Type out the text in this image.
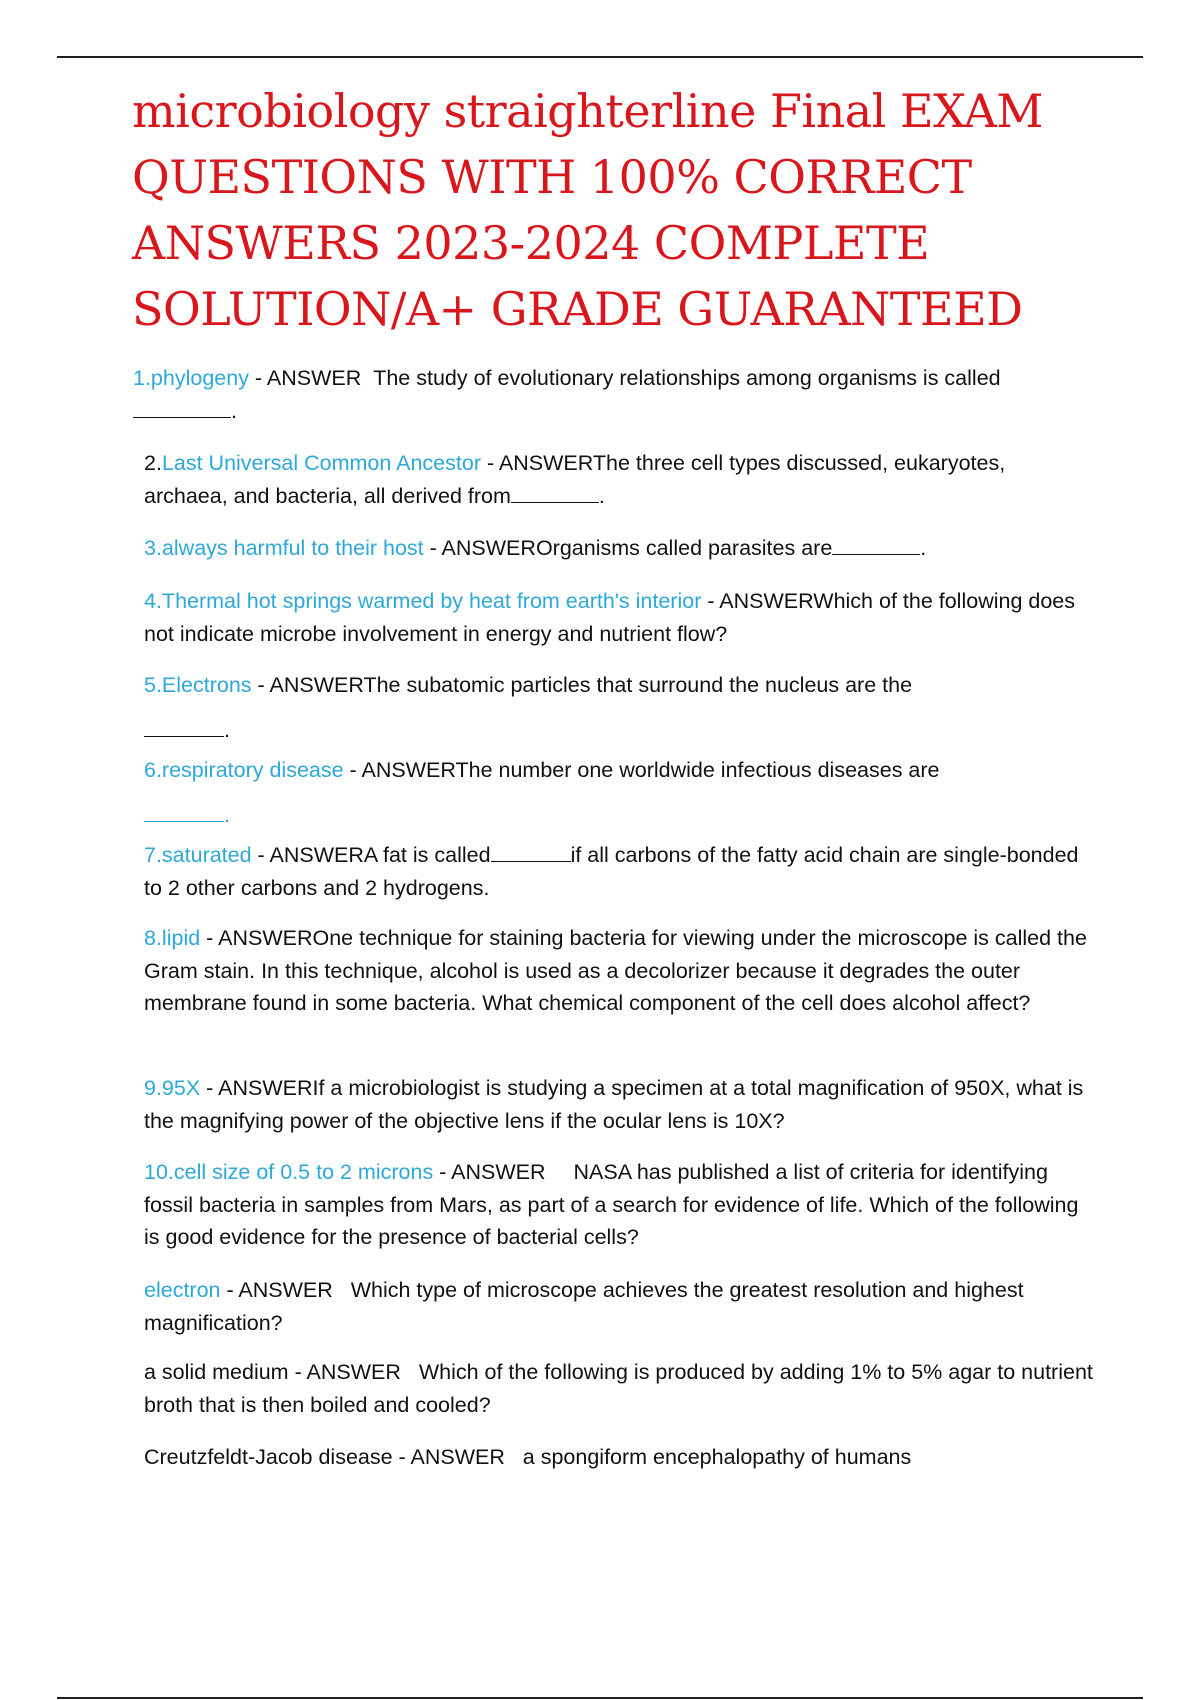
microbiology straighterline Final EXAM QUESTIONS WITH 100% CORRECT ANSWERS 2023-2024 COMPLETE SOLUTION/A+ GRADE GUARANTEED
1.phylogeny - ANSWER The study of evolutionary relationships among organisms is called.
2.Last Universal Common Ancestor - ANSWERThe three cell types discussed, eukaryotes, archaea, and bacteria, all derived from	.
3.always harmful to their host - ANSWEROrganisms called parasites are	.
4.Thermal hot springs warmed by heat from earth's interior - ANSWERWhich of the following does not indicate microbe involvement in energy and nutrient flow?
5.Electrons - ANSWERThe subatomic particles that surround the nucleus are the
.
6.respiratory disease - ANSWERThe number one worldwide infectious diseases are
.
7.saturated - ANSWERA fat is called	if all carbons of the fatty acid chain are single-bonded to 2 other carbons and 2 hydrogens.
8.lipid - ANSWEROne technique for staining bacteria for viewing under the microscope is called the Gram stain. In this technique, alcohol is used as a decolorizer because it degrades the outer membrane found in some bacteria. What chemical component of the cell does alcohol affect?
9.95X - ANSWERIf a microbiologist is studying a specimen at a total magnification of 950X, what is the magnifying power of the objective lens if the ocular lens is 10X?
10.cell size of 0.5 to 2 microns - ANSWER NASA has published a list of criteria for identifying fossil bacteria in samples from Mars, as part of a search for evidence of life. Which of the following is good evidence for the presence of bacterial cells?
electron - ANSWER Which type of microscope achieves the greatest resolution and highest magnification?
a solid medium - ANSWER Which of the following is produced by adding 1% to 5% agar to nutrient broth that is then boiled and cooled?
Creutzfeldt-Jacob disease - ANSWER a spongiform encephalopathy of humans
